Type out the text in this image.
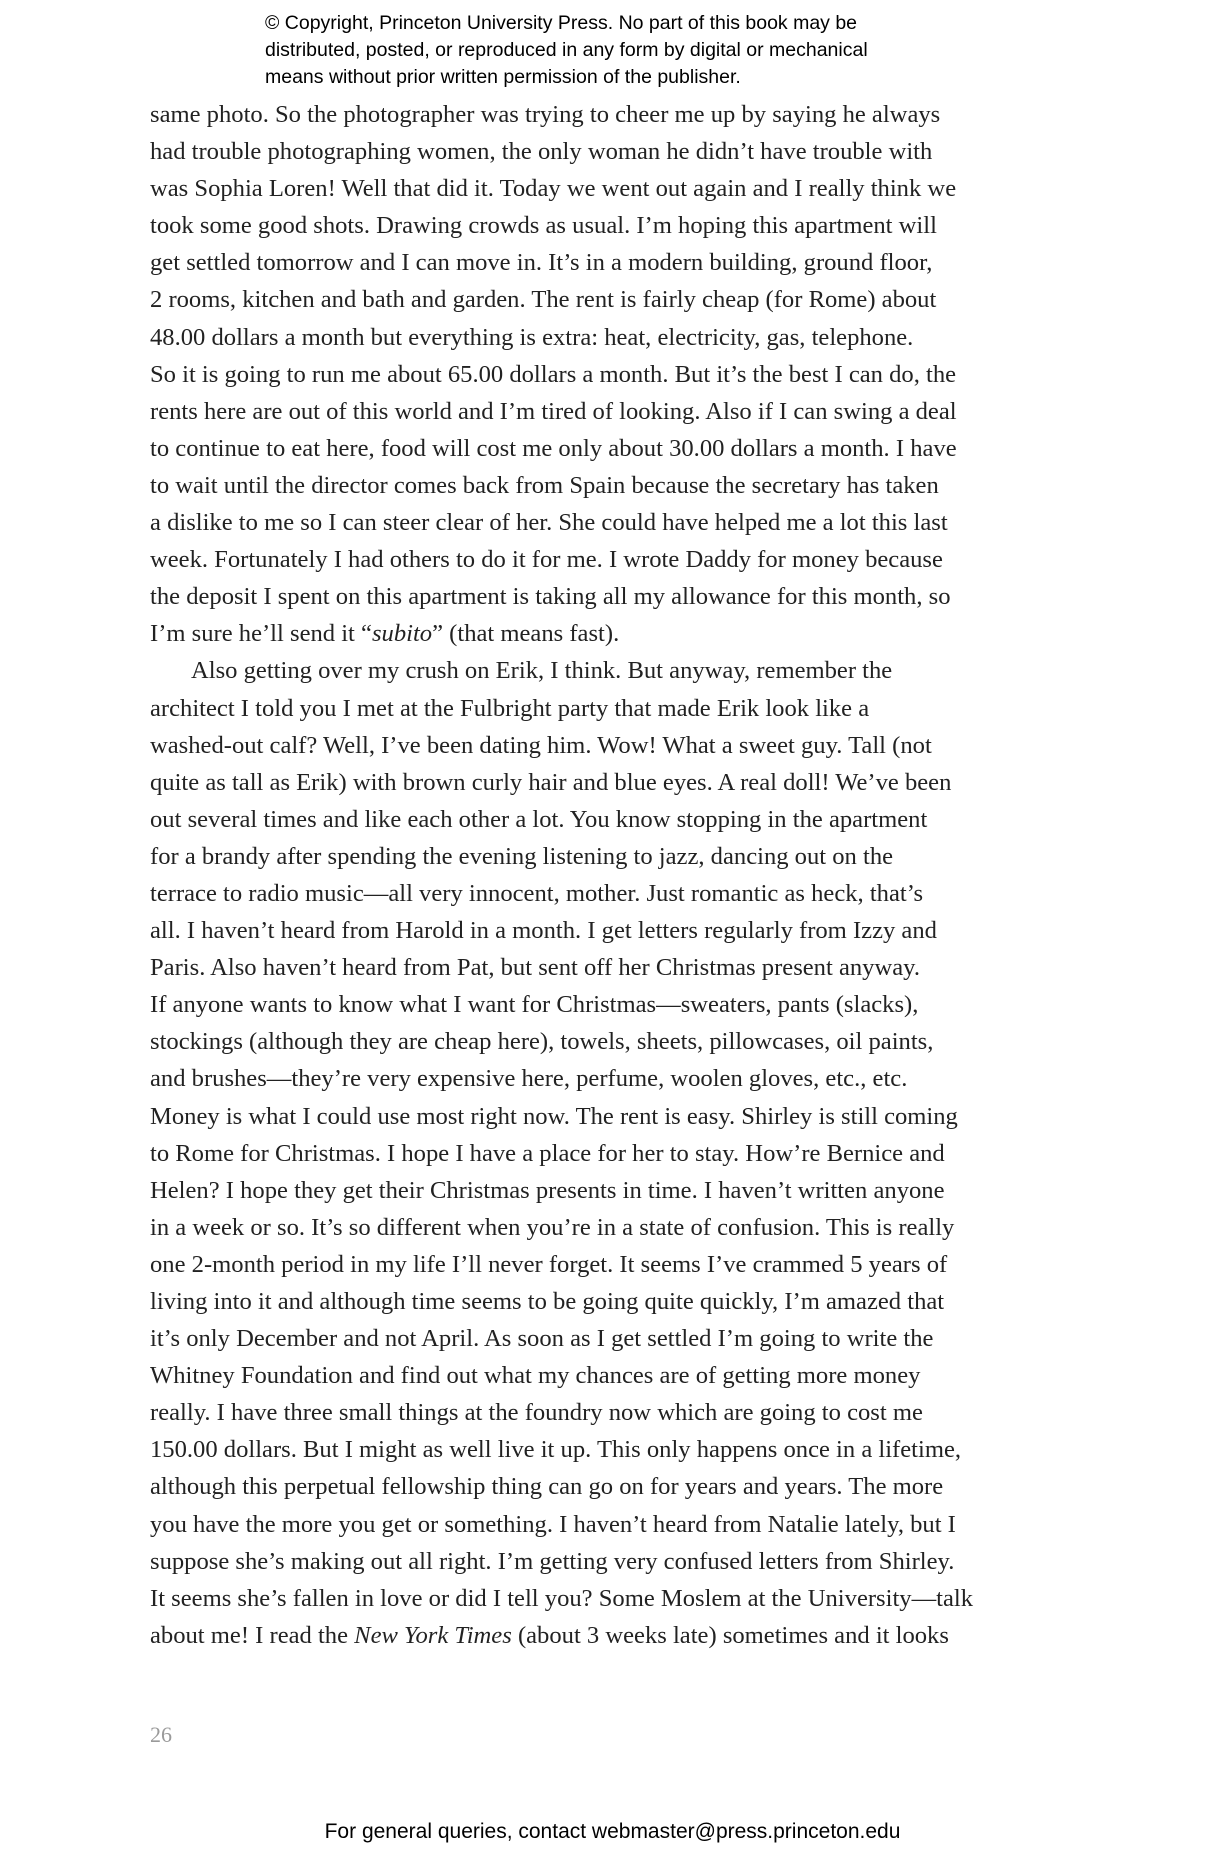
© Copyright, Princeton University Press. No part of this book may be
distributed, posted, or reproduced in any form by digital or mechanical
means without prior written permission of the publisher.
same photo. So the photographer was trying to cheer me up by saying he always
had trouble photographing women, the only woman he didn’t have trouble with
was Sophia Loren! Well that did it. Today we went out again and I really think we
took some good shots. Drawing crowds as usual. I’m hoping this apartment will
get settled tomorrow and I can move in. It’s in a modern building, ground floor,
2 rooms, kitchen and bath and garden. The rent is fairly cheap (for Rome) about
48.00 dollars a month but everything is extra: heat, electricity, gas, telephone.
So it is going to run me about 65.00 dollars a month. But it’s the best I can do, the
rents here are out of this world and I’m tired of looking. Also if I can swing a deal
to continue to eat here, food will cost me only about 30.00 dollars a month. I have
to wait until the director comes back from Spain because the secretary has taken
a dislike to me so I can steer clear of her. She could have helped me a lot this last
week. Fortunately I had others to do it for me. I wrote Daddy for money because
the deposit I spent on this apartment is taking all my allowance for this month, so
I’m sure he’ll send it “subito” (that means fast).
Also getting over my crush on Erik, I think. But anyway, remember the
architect I told you I met at the Fulbright party that made Erik look like a
washed-out calf? Well, I’ve been dating him. Wow! What a sweet guy. Tall (not
quite as tall as Erik) with brown curly hair and blue eyes. A real doll! We’ve been
out several times and like each other a lot. You know stopping in the apartment
for a brandy after spending the evening listening to jazz, dancing out on the
terrace to radio music—all very innocent, mother. Just romantic as heck, that’s
all. I haven’t heard from Harold in a month. I get letters regularly from Izzy and
Paris. Also haven’t heard from Pat, but sent off her Christmas present anyway.
If anyone wants to know what I want for Christmas—sweaters, pants (slacks),
stockings (although they are cheap here), towels, sheets, pillowcases, oil paints,
and brushes—they’re very expensive here, perfume, woolen gloves, etc., etc.
Money is what I could use most right now. The rent is easy. Shirley is still coming
to Rome for Christmas. I hope I have a place for her to stay. How’re Bernice and
Helen? I hope they get their Christmas presents in time. I haven’t written anyone
in a week or so. It’s so different when you’re in a state of confusion. This is really
one 2-month period in my life I’ll never forget. It seems I’ve crammed 5 years of
living into it and although time seems to be going quite quickly, I’m amazed that
it’s only December and not April. As soon as I get settled I’m going to write the
Whitney Foundation and find out what my chances are of getting more money
really. I have three small things at the foundry now which are going to cost me
150.00 dollars. But I might as well live it up. This only happens once in a lifetime,
although this perpetual fellowship thing can go on for years and years. The more
you have the more you get or something. I haven’t heard from Natalie lately, but I
suppose she’s making out all right. I’m getting very confused letters from Shirley.
It seems she’s fallen in love or did I tell you? Some Moslem at the University—talk
about me! I read the New York Times (about 3 weeks late) sometimes and it looks
26
For general queries, contact webmaster@press.princeton.edu
